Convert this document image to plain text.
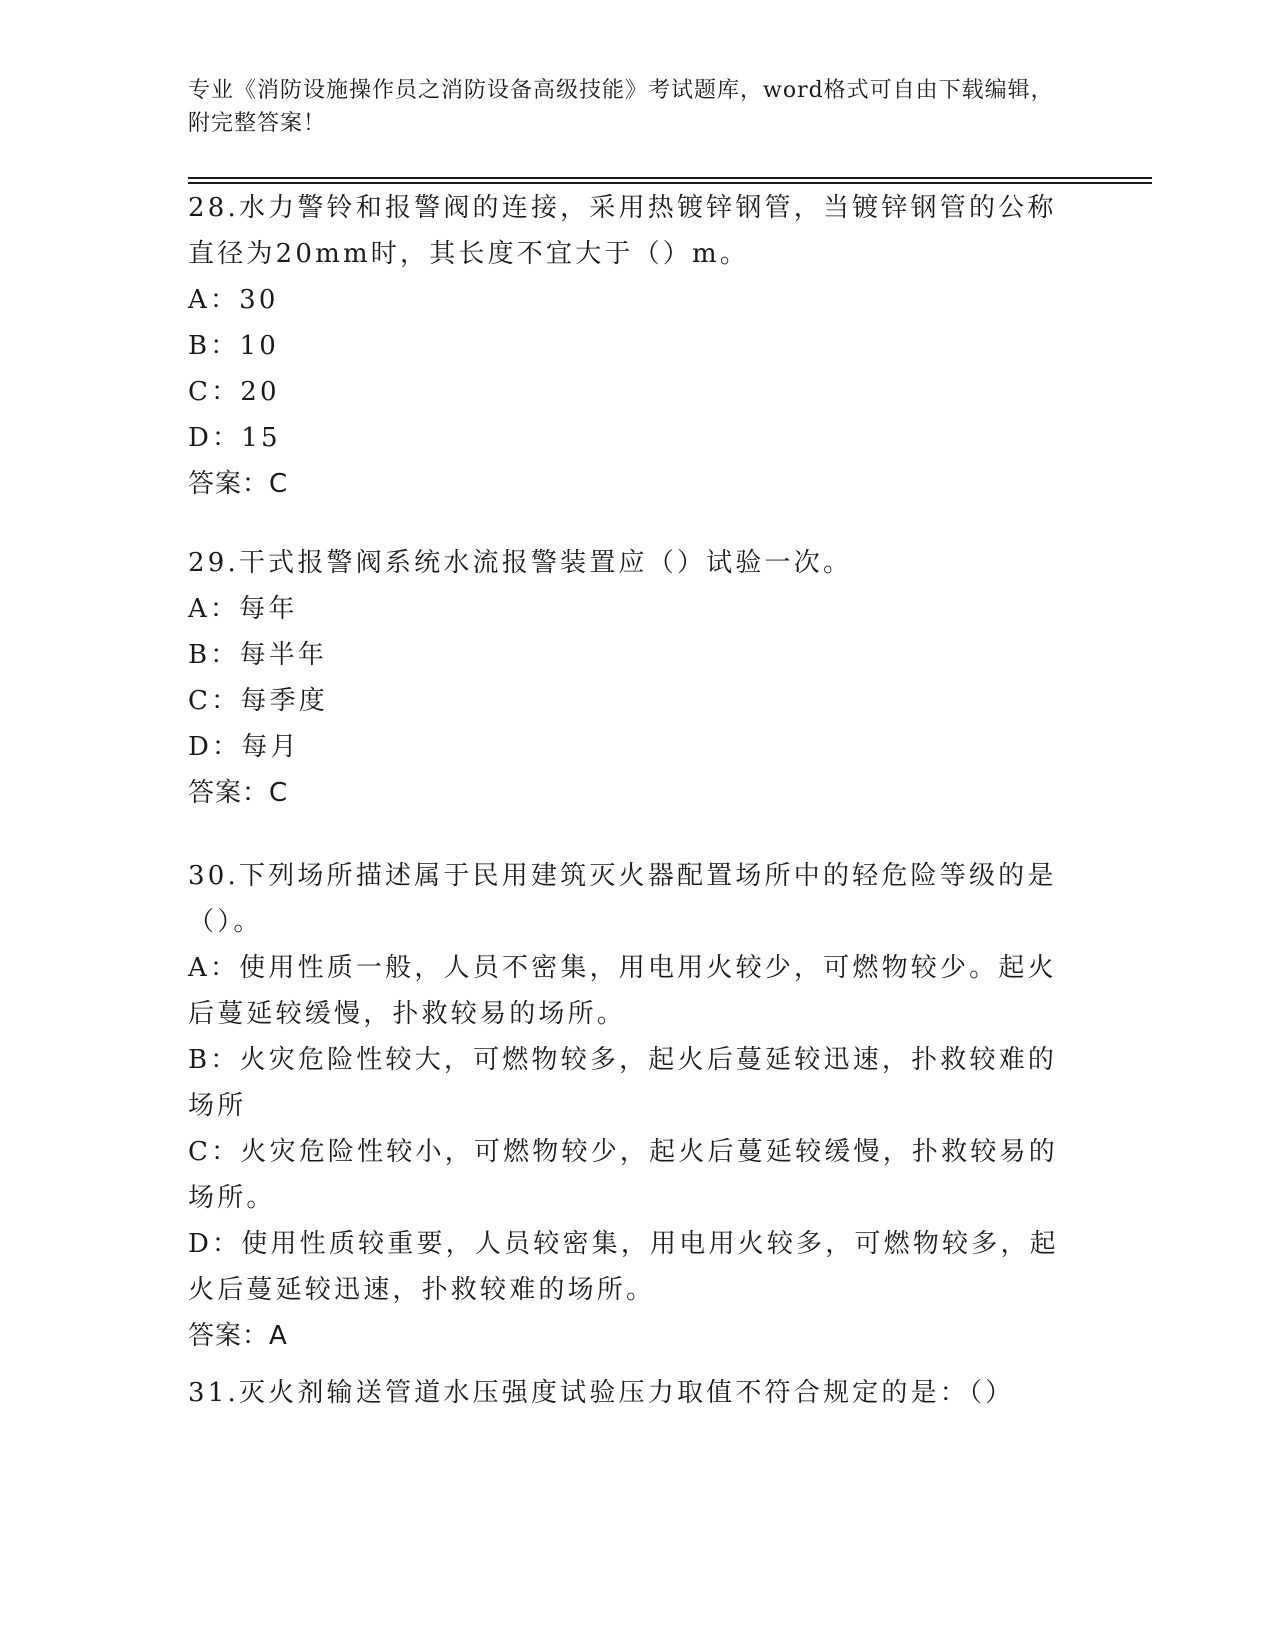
专业《消防设施操作员之消防设备高级技能》考试题库，word格式可自由下载编辑，附完整答案！

28.水力警铃和报警阀的连接，采用热镀锌钢管，当镀锌钢管的公称直径为20mm时，其长度不宜大于（）m。

A：30

B：10

C：20

D：15

答案：C

29.干式报警阀系统水流报警装置应（）试验一次。

A：每年

B：每半年

C：每季度

D：每月

答案：C

30.下列场所描述属于民用建筑灭火器配置场所中的轻危险等级的是（）。

A：使用性质一般，人员不密集，用电用火较少，可燃物较少。起火后蔓延较缓慢，扑救较易的场所。

B：火灾危险性较大，可燃物较多，起火后蔓延较迅速，扑救较难的场所

C：火灾危险性较小，可燃物较少，起火后蔓延较缓慢，扑救较易的场所。

D：使用性质较重要，人员较密集，用电用火较多，可燃物较多，起火后蔓延较迅速，扑救较难的场所。

答案：A

31.灭火剂输送管道水压强度试验压力取值不符合规定的是：（）
